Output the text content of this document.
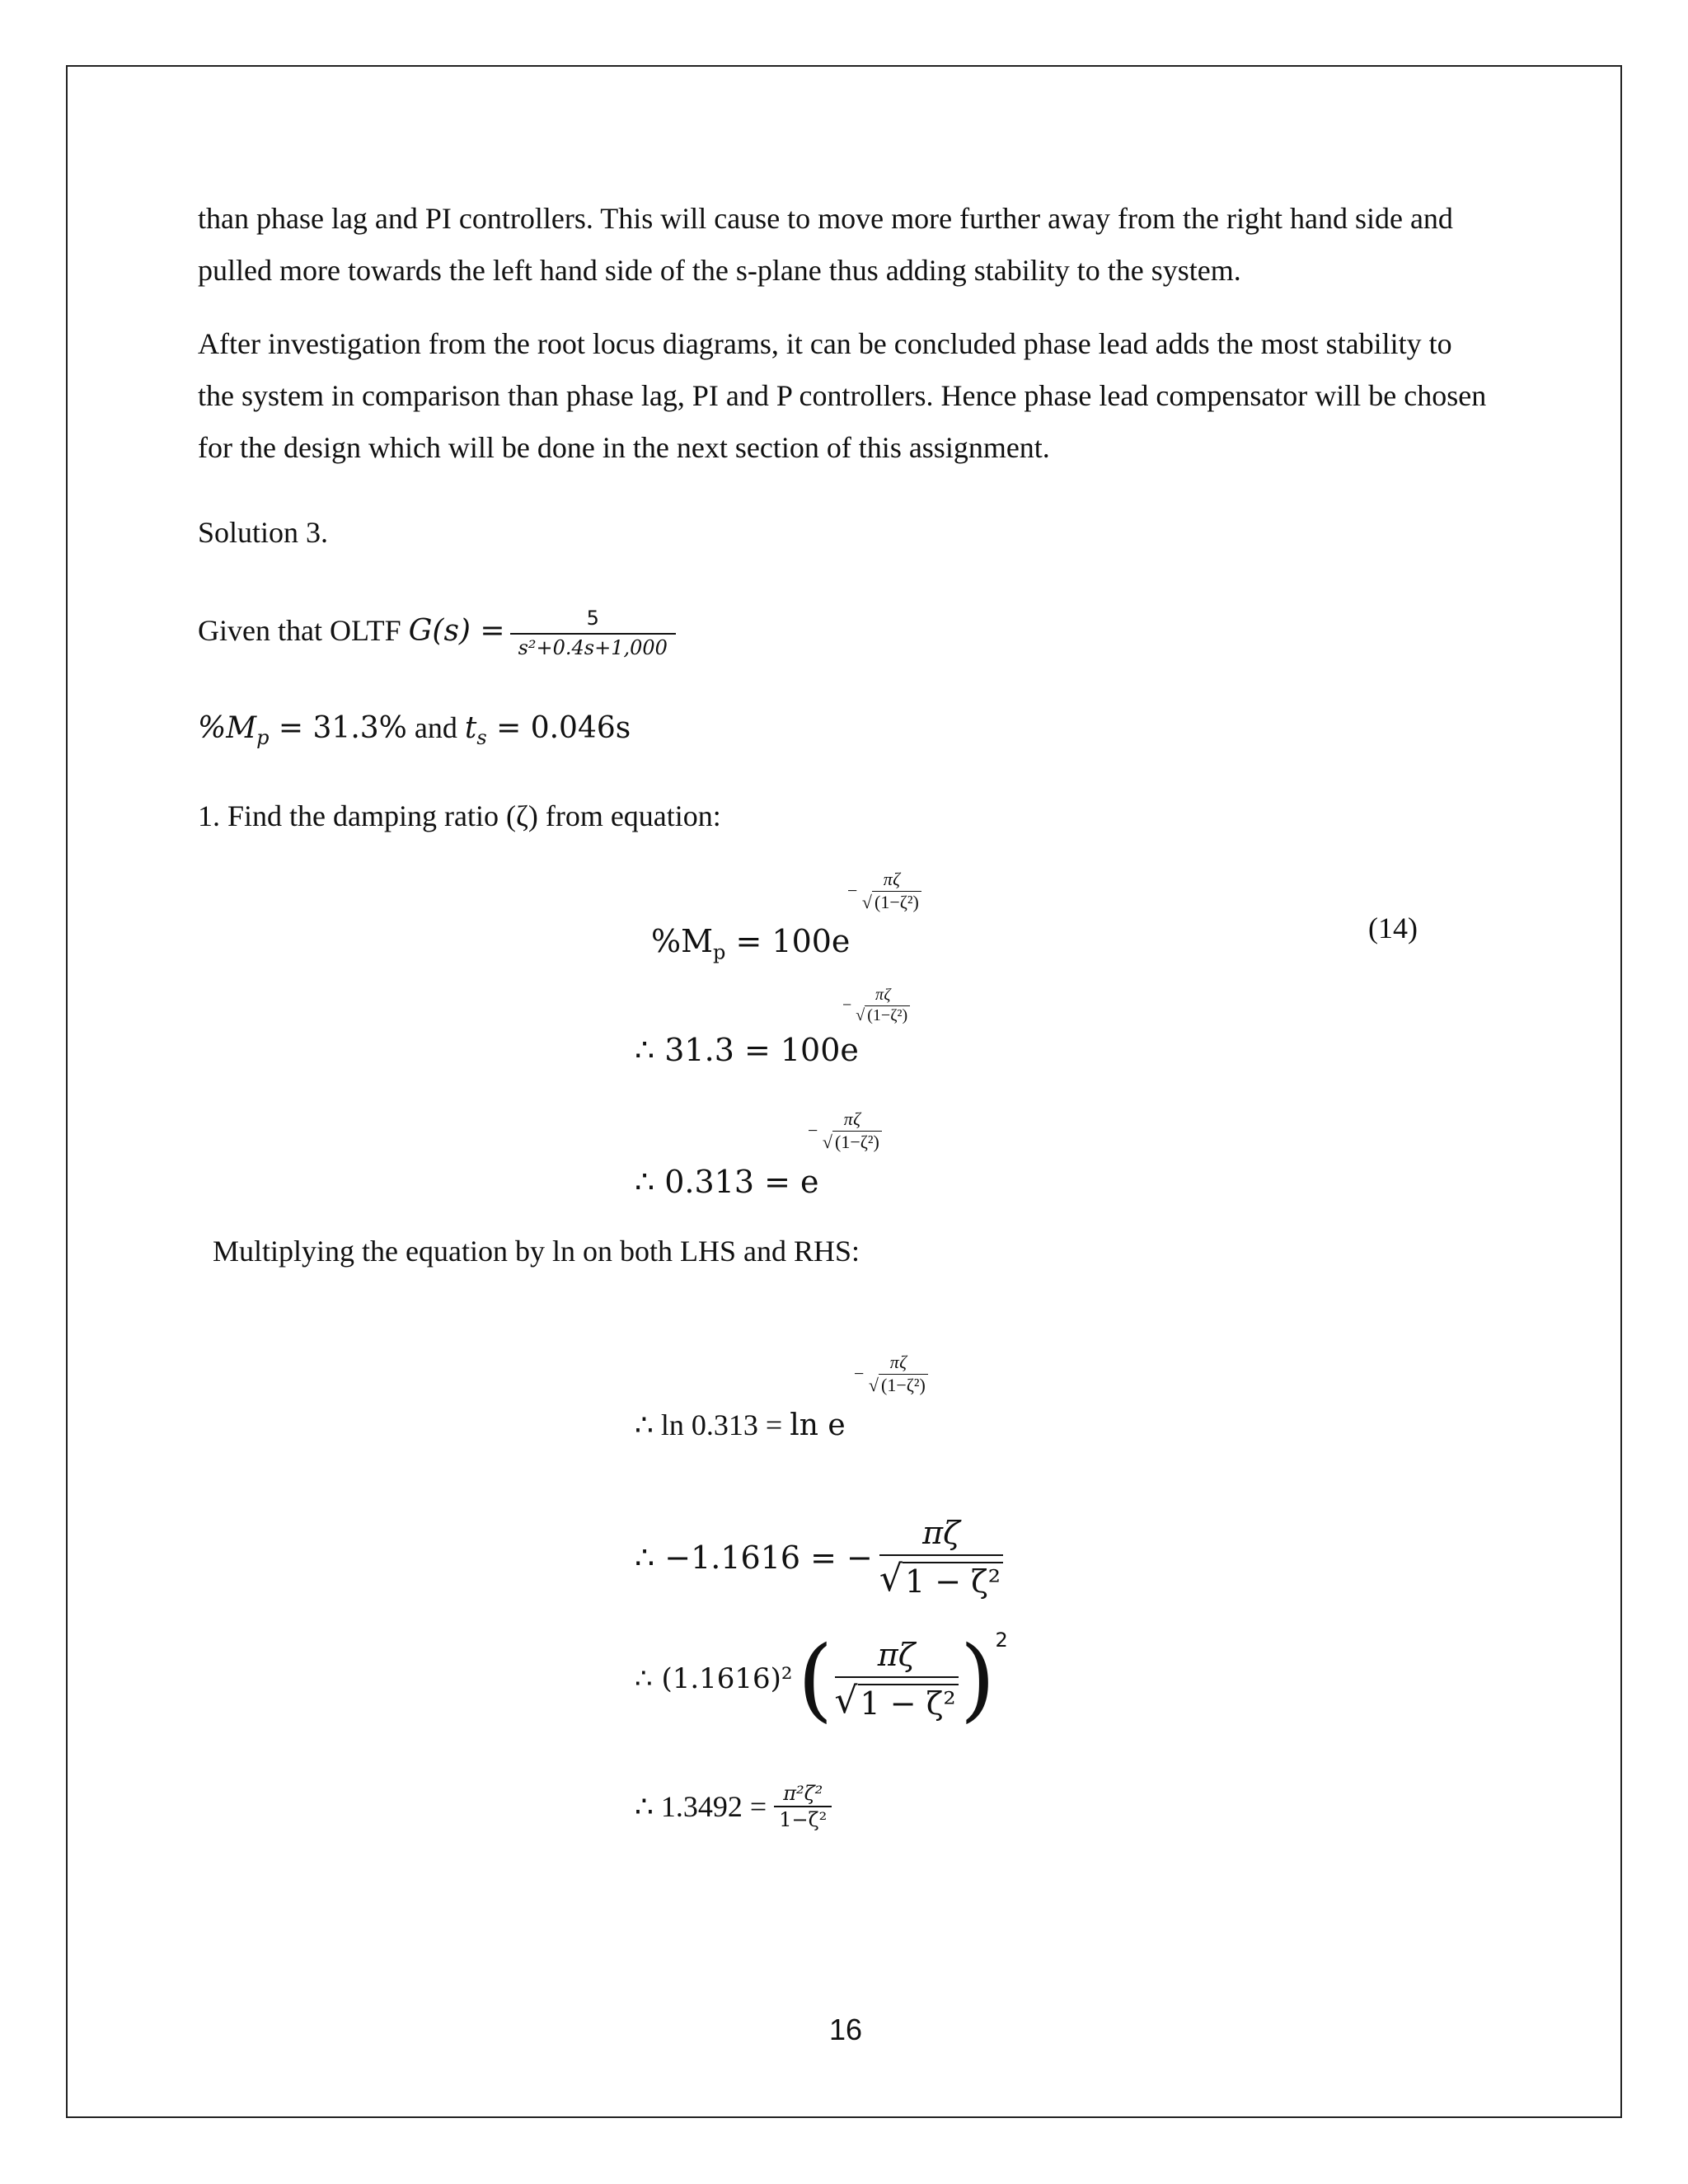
than phase lag and PI controllers. This will cause to move more further away from the right hand side and
pulled more towards the left hand side of the s-plane thus adding stability to the system.
After investigation from the root locus diagrams, it can be concluded phase lead adds the most stability to
the system in comparison than phase lag, PI and P controllers. Hence phase lead compensator will be chosen
for the design which will be done in the next section of this assignment.
Solution 3.
Given that OLTF $G(s) = \frac{5}{\text{s²+0.4s+1,000}}$
$\%M_p = 31.3\%$ and $t_s = 0.046s$
1. Find the damping ratio (ζ) from equation:
$\%M_p = 100e$
−
πζ
√ (1−ζ²)
(14)
∴ 31.3 = 100e
−
πζ
√ (1−ζ²)
∴ 0.313 = e
−
πζ
√ (1−ζ²)
Multiplying the equation by ln on both LHS and RHS:
∴ ln 0.313 = ln e
−
πζ
√ (1−ζ²)
∴ −1.1616 = − $\frac{\pi\zeta}{\text{√ 1 − ζ²}}$
∴ (1.1616)² ( $\frac{\pi\zeta}{\text{√ 1 − ζ²}}$ ) 2
∴ $1.3492 = \frac{\text{π²ζ²}}{\text{1−ζ²}}$
16
